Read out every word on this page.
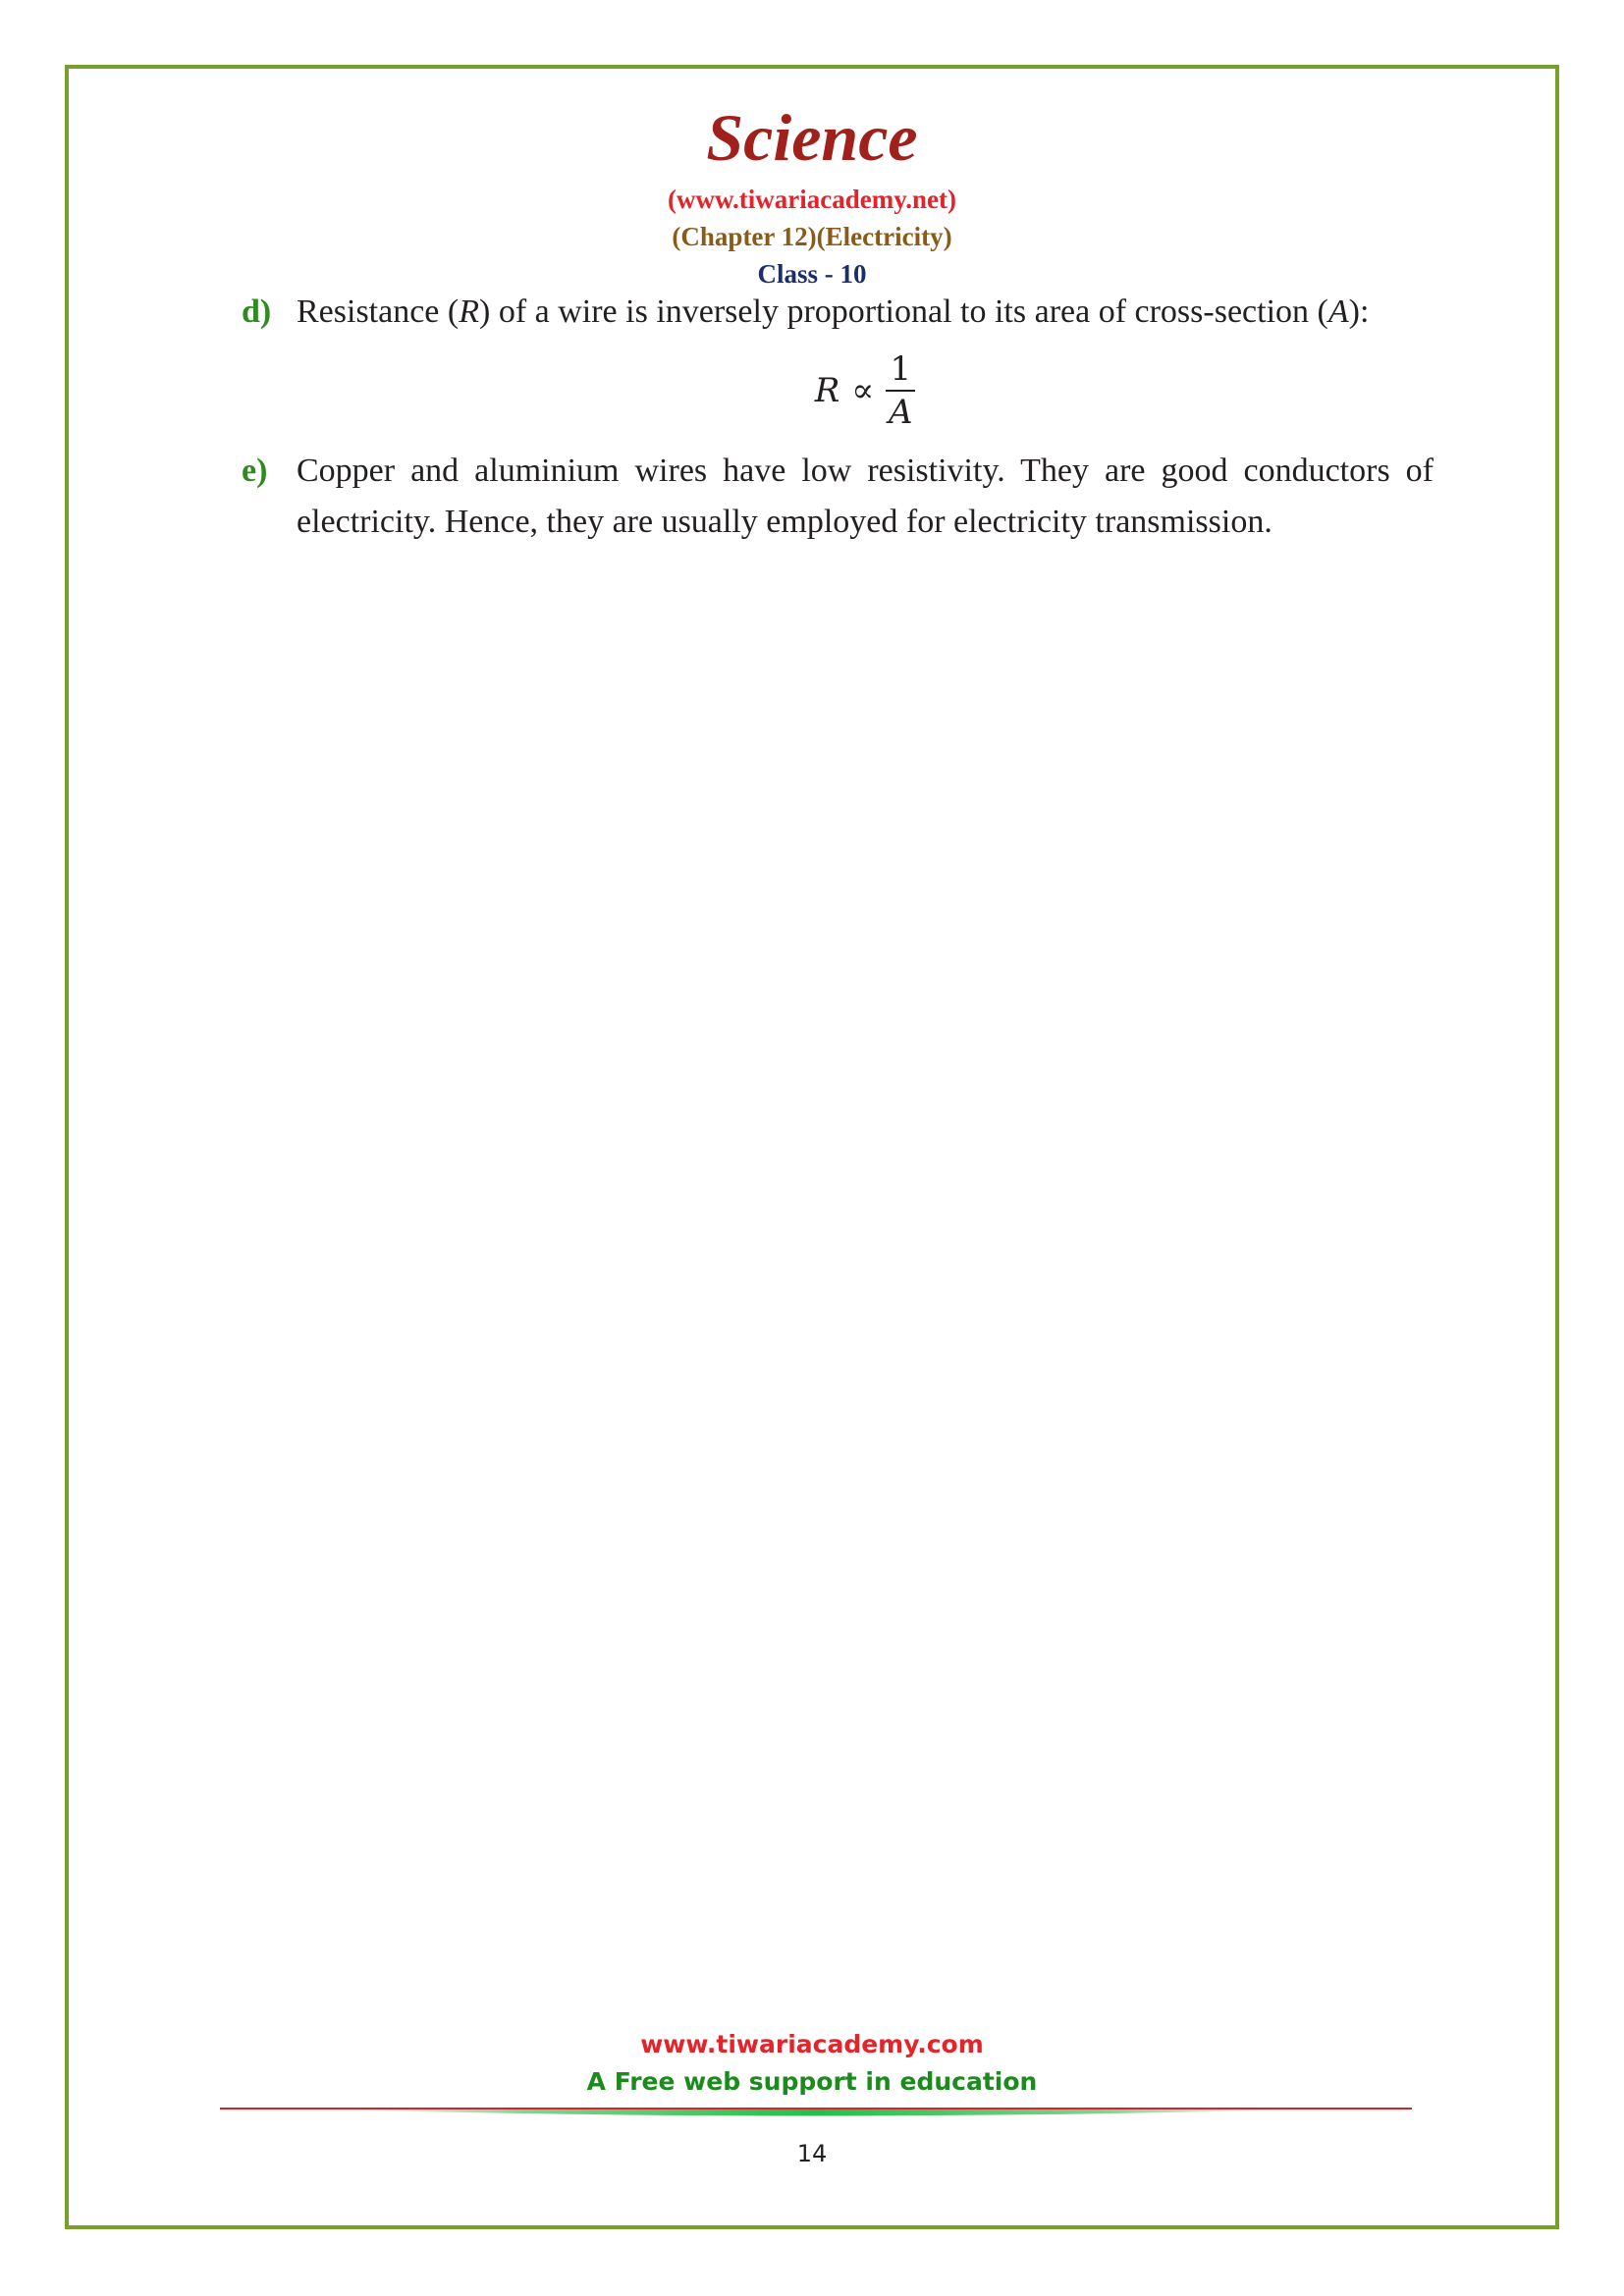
Science
(www.tiwariacademy.net)
(Chapter 12)(Electricity)
Class - 10
d) Resistance (R) of a wire is inversely proportional to its area of cross-section (A):
$R \propto \frac{1}{A}$
e) Copper and aluminium wires have low resistivity. They are good conductors of electricity. Hence, they are usually employed for electricity transmission.
www.tiwariacademy.com
A Free web support in education
14
